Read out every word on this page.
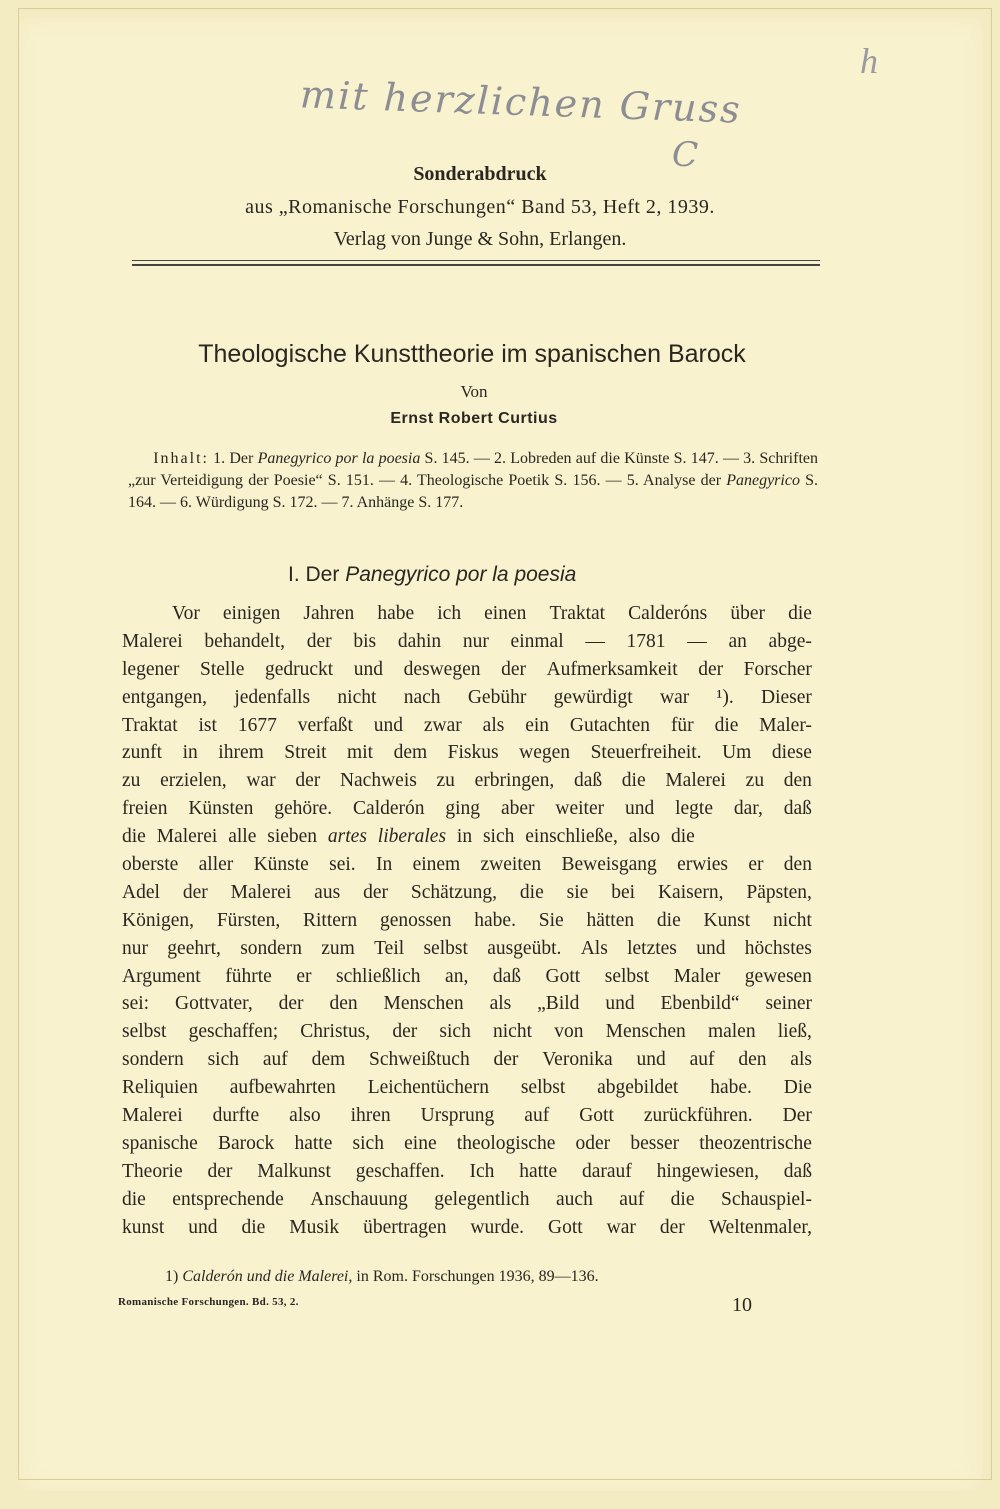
mit herzlichen Gruss
C
h
Sonderabdruck
aus „Romanische Forschungen“ Band 53, Heft 2, 1939.
Verlag von Junge & Sohn, Erlangen.
Theologische Kunsttheorie im spanischen Barock
Von
Ernst Robert Curtius
Inhalt: 1. Der Panegyrico por la poesia S. 145. — 2. Lobreden auf die Künste S. 147. — 3. Schriften „zur Verteidigung der Poesie“ S. 151. — 4. Theologische Poetik S. 156. — 5. Analyse der Panegyrico S. 164. — 6. Würdigung S. 172. — 7. Anhänge S. 177.
I. Der Panegyrico por la poesia
Vor einigen Jahren habe ich einen Traktat Calderóns über die
Malerei behandelt, der bis dahin nur einmal — 1781 — an abge-
legener Stelle gedruckt und deswegen der Aufmerksamkeit der Forscher
entgangen, jedenfalls nicht nach Gebühr gewürdigt war ¹). Dieser
Traktat ist 1677 verfaßt und zwar als ein Gutachten für die Maler-
zunft in ihrem Streit mit dem Fiskus wegen Steuerfreiheit. Um diese
zu erzielen, war der Nachweis zu erbringen, daß die Malerei zu den
freien Künsten gehöre. Calderón ging aber weiter und legte dar, daß
die Malerei alle sieben artes liberales in sich einschließe, also die
oberste aller Künste sei. In einem zweiten Beweisgang erwies er den
Adel der Malerei aus der Schätzung, die sie bei Kaisern, Päpsten,
Königen, Fürsten, Rittern genossen habe. Sie hätten die Kunst nicht
nur geehrt, sondern zum Teil selbst ausgeübt. Als letztes und höchstes
Argument führte er schließlich an, daß Gott selbst Maler gewesen
sei: Gottvater, der den Menschen als „Bild und Ebenbild“ seiner
selbst geschaffen; Christus, der sich nicht von Menschen malen ließ,
sondern sich auf dem Schweißtuch der Veronika und auf den als
Reliquien aufbewahrten Leichentüchern selbst abgebildet habe. Die
Malerei durfte also ihren Ursprung auf Gott zurückführen. Der
spanische Barock hatte sich eine theologische oder besser theozentrische
Theorie der Malkunst geschaffen. Ich hatte darauf hingewiesen, daß
die entsprechende Anschauung gelegentlich auch auf die Schauspiel-
kunst und die Musik übertragen wurde. Gott war der Weltenmaler,
1) Calderón und die Malerei, in Rom. Forschungen 1936, 89—136.
Romanische Forschungen. Bd. 53, 2.	10
